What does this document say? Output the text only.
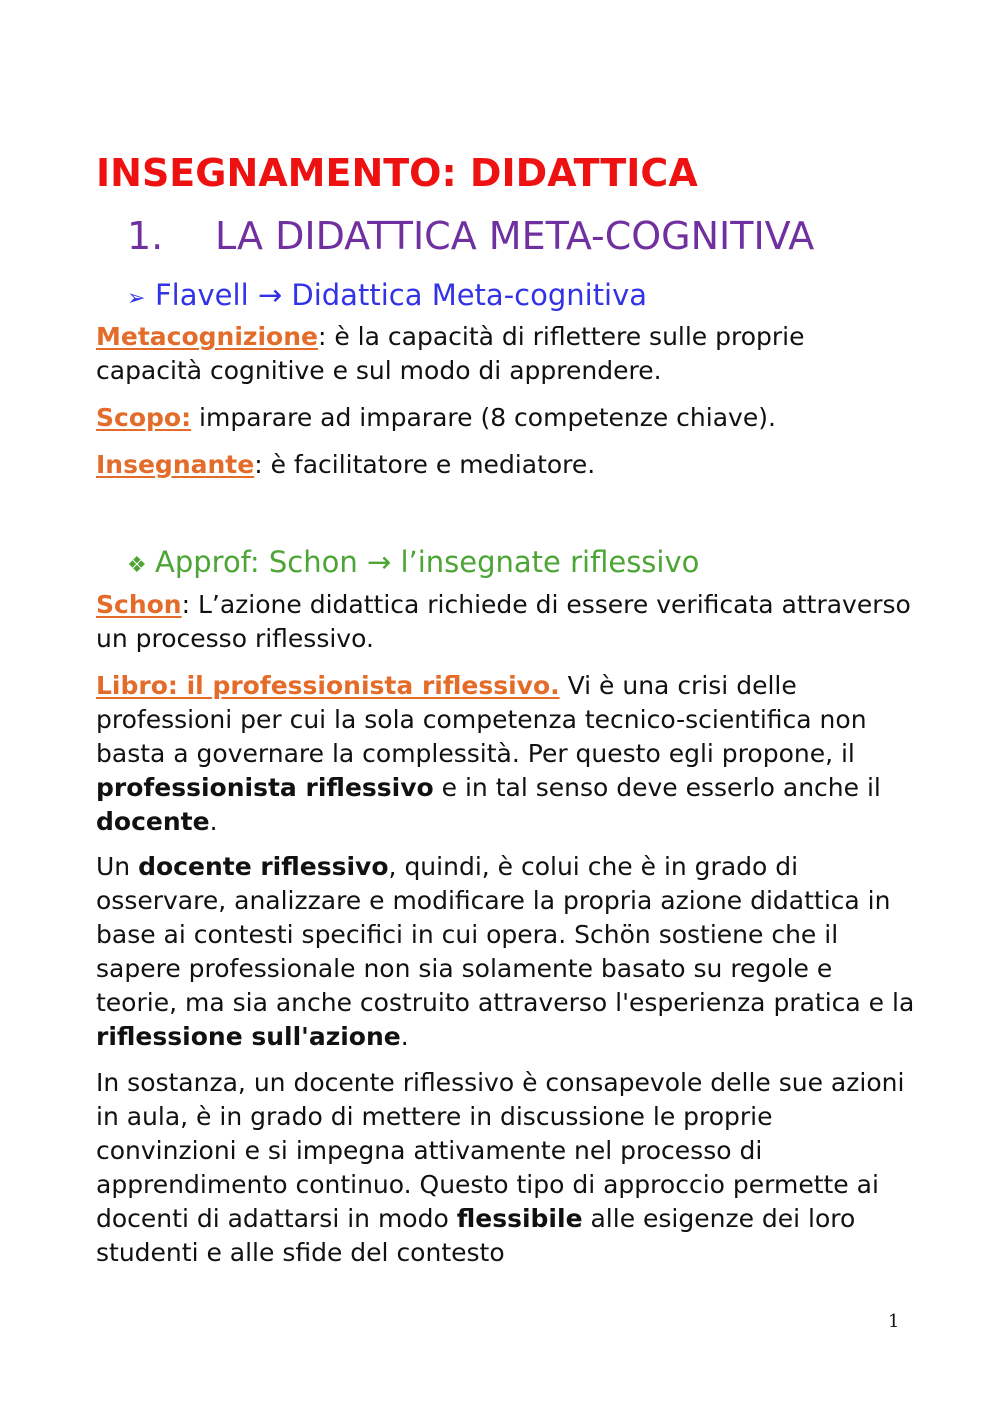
INSEGNAMENTO: DIDATTICA
1. LA DIDATTICA META-COGNITIVA
➢ Flavell → Didattica Meta-cognitiva

Metacognizione: è la capacità di riflettere sulle proprie capacità cognitive e sul modo di apprendere.

Scopo: imparare ad imparare (8 competenze chiave).

Insegnante: è facilitatore e mediatore.

❖ Approf: Schon → l’insegnate riflessivo

Schon: L’azione didattica richiede di essere verificata attraverso un processo riflessivo.

Libro: il professionista riflessivo. Vi è una crisi delle professioni per cui la sola competenza tecnico-scientifica non basta a governare la complessità. Per questo egli propone, il professionista riflessivo e in tal senso deve esserlo anche il docente.

Un docente riflessivo, quindi, è colui che è in grado di osservare, analizzare e modificare la propria azione didattica in base ai contesti specifici in cui opera. Schön sostiene che il sapere professionale non sia solamente basato su regole e teorie, ma sia anche costruito attraverso l'esperienza pratica e la riflessione sull'azione.

In sostanza, un docente riflessivo è consapevole delle sue azioni in aula, è in grado di mettere in discussione le proprie convinzioni e si impegna attivamente nel processo di apprendimento continuo. Questo tipo di approccio permette ai docenti di adattarsi in modo flessibile alle esigenze dei loro studenti e alle sfide del contesto

1
